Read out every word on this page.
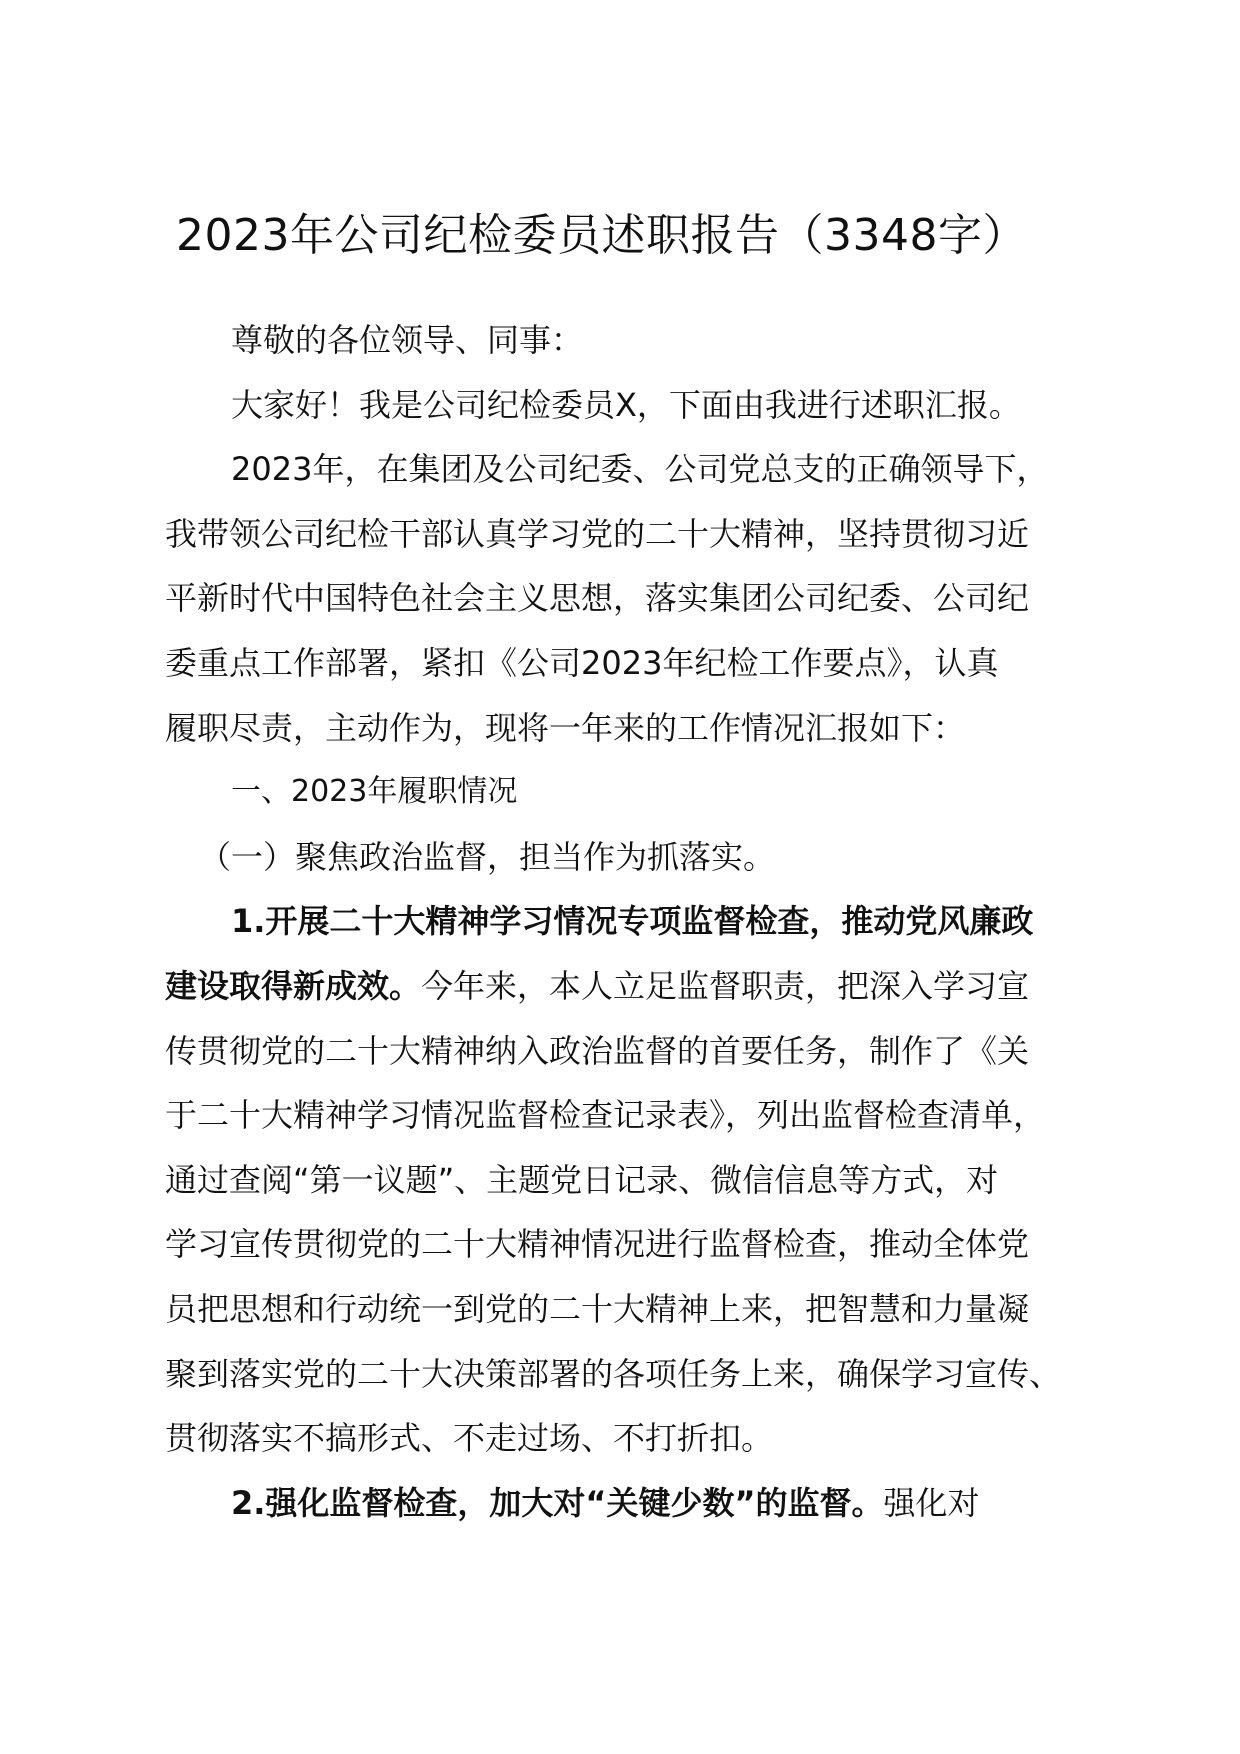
2023年公司纪检委员述职报告（3348字）

尊敬的各位领导、同事：

大家好！我是公司纪检委员X，下面由我进行述职汇报。

2023年，在集团及公司纪委、公司党总支的正确领导下，
我带领公司纪检干部认真学习党的二十大精神，坚持贯彻习近
平新时代中国特色社会主义思想，落实集团公司纪委、公司纪
委重点工作部署，紧扣《公司2023年纪检工作要点》，认真
履职尽责，主动作为，现将一年来的工作情况汇报如下：

一、2023年履职情况

（一）聚焦政治监督，担当作为抓落实。

1.开展二十大精神学习情况专项监督检查，推动党风廉政
建设取得新成效。今年来，本人立足监督职责，把深入学习宣
传贯彻党的二十大精神纳入政治监督的首要任务，制作了《关
于二十大精神学习情况监督检查记录表》，列出监督检查清单，
通过查阅“第一议题”、主题党日记录、微信信息等方式，对
学习宣传贯彻党的二十大精神情况进行监督检查，推动全体党
员把思想和行动统一到党的二十大精神上来，把智慧和力量凝
聚到落实党的二十大决策部署的各项任务上来，确保学习宣传、
贯彻落实不搞形式、不走过场、不打折扣。

2.强化监督检查，加大对“关键少数”的监督。强化对
